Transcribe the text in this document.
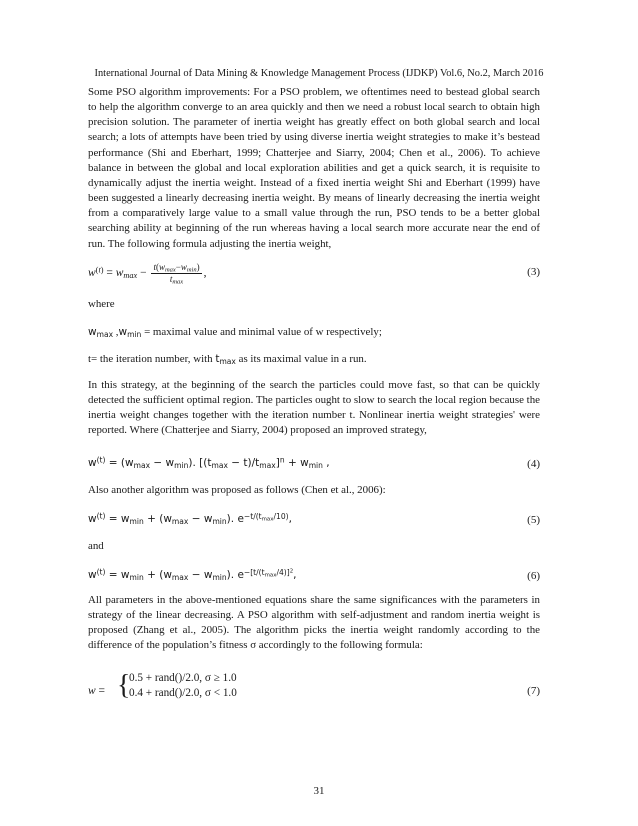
International Journal of Data Mining & Knowledge Management Process (IJDKP) Vol.6, No.2, March 2016

Some PSO algorithm improvements: For a PSO problem, we oftentimes need to bestead global search to help the algorithm converge to an area quickly and then we need a robust local search to obtain high precision solution. The parameter of inertia weight has greatly effect on both global search and local search; a lots of attempts have been tried by using diverse inertia weight strategies to make it’s bestead performance (Shi and Eberhart, 1999; Chatterjee and Siarry, 2004; Chen et al., 2006). To achieve balance in between the global and local exploration abilities and get a quick search, it is requisite to dynamically adjust the inertia weight. Instead of a fixed inertia weight Shi and Eberhart (1999) have been suggested a linearly decreasing inertia weight. By means of linearly decreasing the inertia weight from a comparatively large value to a small value through the run, PSO tends to be a better global searching ability at beginning of the run whereas having a local search more accurate near the end of run. The following formula adjusting the inertia weight,

$w^{(t)} = w_{max} - \frac{t(w_{max}-w_{min})}{t_{max}}$ ,	(3)
where
$w_{max}$ $,w_{min}$ = maximal value and minimal value of w respectively;
t= the iteration number, with $t_{max}$ as its maximal value in a run.

In this strategy, at the beginning of the search the particles could move fast, so that can be quickly detected the sufficient optimal region. The particles ought to slow to search the local region because the inertia weight changes together with the iteration number t. Nonlinear inertia weight strategies' were reported. Where (Chatterjee and Siarry, 2004) proposed an improved strategy,

$w^{(t)} = (w_{max} - w_{min})$. $[(t_{max} - t)/t_{max}]^n + w_{min}$ ,	(4)
Also another algorithm was proposed as follows (Chen et al., 2006):
$w^{(t)} = w_{min} + (w_{max} - w_{min})$. $e^{-t/(t_{max}/10)}$,	(5)
and
$w^{(t)} = w_{min} + (w_{max} - w_{min})$. $e^{-[t/(t_{max}/4)]^2}$,	(6)

All parameters in the above-mentioned equations share the same significances with the parameters in strategy of the linear decreasing. A PSO algorithm with self-adjustment and random inertia weight is proposed (Zhang et al., 2005). The algorithm picks the inertia weight randomly according to the difference of the population’s fitness σ accordingly to the following formula:

w = {
0.5 + rand()/2.0, σ ≥ 1.0
0.4 + rand()/2.0, σ < 1.0	(7)
31
